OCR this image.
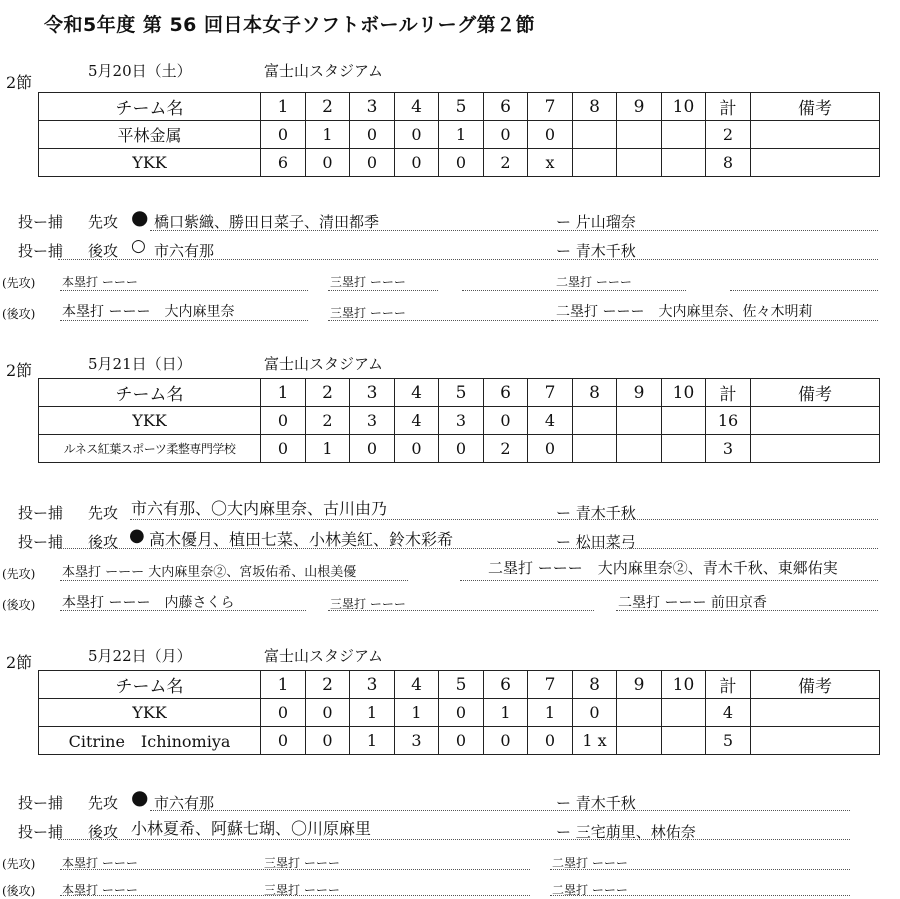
令和5年度 第 56 回日本女子ソフトボールリーグ第２節
2節
5月20日（土）	富士山スタジアム
チーム名	1	2	3	4	5	6	7	8	9	10	計	備考
平林金属	0	1	0	0	1	0	0				2	
YKK	6	0	0	0	0	2	x				8	
投ー捕 先攻 ● 橋口紫織、勝田日菜子、清田都季	ー 片山瑠奈
投ー捕 後攻 ○ 市六有那	ー 青木千秋
(先攻) 本塁打 ーーー	三塁打 ーーー	二塁打 ーーー
(後攻) 本塁打 ーーー　大内麻里奈	三塁打 ーーー	二塁打 ーーー　大内麻里奈、佐々木明莉
2節	5月21日（日）	富士山スタジアム
チーム名	1	2	3	4	5	6	7	8	9	10	計	備考
YKK	0	2	3	4	3	0	4				16	
ルネス紅葉スポーツ柔整専門学校	0	1	0	0	0	2	0				3	
投ー捕 先攻 市六有那、〇大内麻里奈、古川由乃	ー 青木千秋
投ー捕 後攻 ● 高木優月、植田七菜、小林美紅、鈴木彩希	ー 松田菜弓
(先攻) 本塁打 ーーー 大内麻里奈②、宮坂佑希、山根美優	二塁打 ーーー　大内麻里奈②、青木千秋、東郷佑実
(後攻) 本塁打 ーーー　内藤さくら	三塁打 ーーー	二塁打 ーーー 前田京香
2節	5月22日（月）	富士山スタジアム
チーム名	1	2	3	4	5	6	7	8	9	10	計	備考
YKK	0	0	1	1	0	1	1	0			4	
Citrine　Ichinomiya	0	0	1	3	0	0	0	1 x			5	
投ー捕 先攻 ● 市六有那	ー 青木千秋
投ー捕 後攻 小林夏希、阿蘇七瑚、〇川原麻里	ー 三宅萠里、林佑奈
(先攻) 本塁打 ーーー	三塁打 ーーー	二塁打 ーーー
(後攻) 本塁打 ーーー	三塁打 ーーー	二塁打 ーーー
